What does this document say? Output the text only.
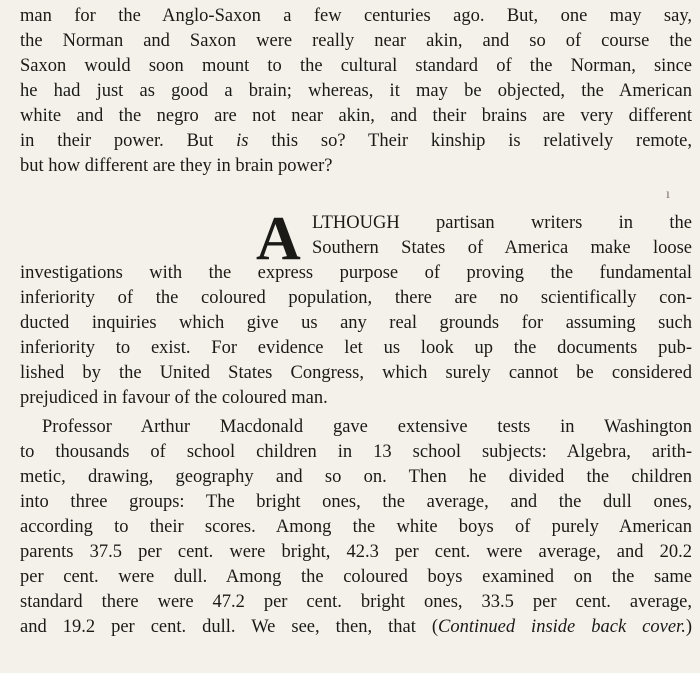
man for the Anglo-Saxon a few centuries ago. But, one may say,
the Norman and Saxon were really near akin, and so of course the
Saxon would soon mount to the cultural standard of the Norman, since
he had just as good a brain; whereas, it may be objected, the American
white and the negro are not near akin, and their brains are very different
in their power. But is this so? Their kinship is relatively remote,
but how different are they in brain power?
ı
A LTHOUGH partisan writers in the
Southern States of America make loose
investigations with the express purpose of proving the fundamental
inferiority of the coloured population, there are no scientifically con-
ducted inquiries which give us any real grounds for assuming such
inferiority to exist. For evidence let us look up the documents pub-
lished by the United States Congress, which surely cannot be considered
prejudiced in favour of the coloured man.
Professor Arthur Macdonald gave extensive tests in Washington
to thousands of school children in 13 school subjects: Algebra, arith-
metic, drawing, geography and so on. Then he divided the children
into three groups: The bright ones, the average, and the dull ones,
according to their scores. Among the white boys of purely American
parents 37.5 per cent. were bright, 42.3 per cent. were average, and 20.2
per cent. were dull. Among the coloured boys examined on the same
standard there were 47.2 per cent. bright ones, 33.5 per cent. average,
and 19.2 per cent. dull. We see, then, that (Continued inside back cover.)
